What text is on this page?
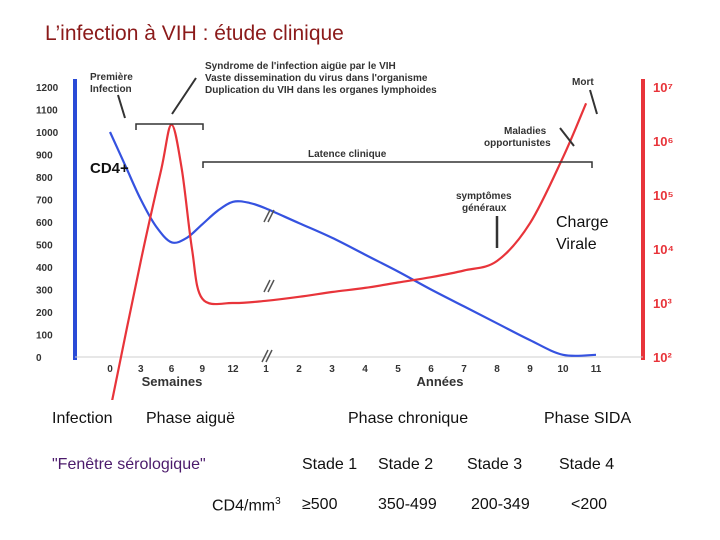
L’infection à VIH : étude clinique
1200
1100
1000
900
800
700
600
500
400
300
200
100
0
10⁷
10⁶
10⁵
10⁴
10³
10²
0	3	6	9 12
Semaines
1	2	3	4	5	6	7	8	9 10 11
Années
Première
Infection
Syndrome de l'infection aigüe par le VIH
Vaste dissemination du virus dans l'organisme
Duplication du VIH dans les organes lymphoides
Latence clinique
Maladies
opportunistes
Mort
symptômes
généraux
CD4+
Charge
Virale
Infection Phase aiguë	Phase chronique	Phase SIDA
"Fenêtre sérologique"	Stade 1 Stade 2 Stade 3 Stade 4
$CD4/mm^3 \ge 500$	350-499 200-349	<200
